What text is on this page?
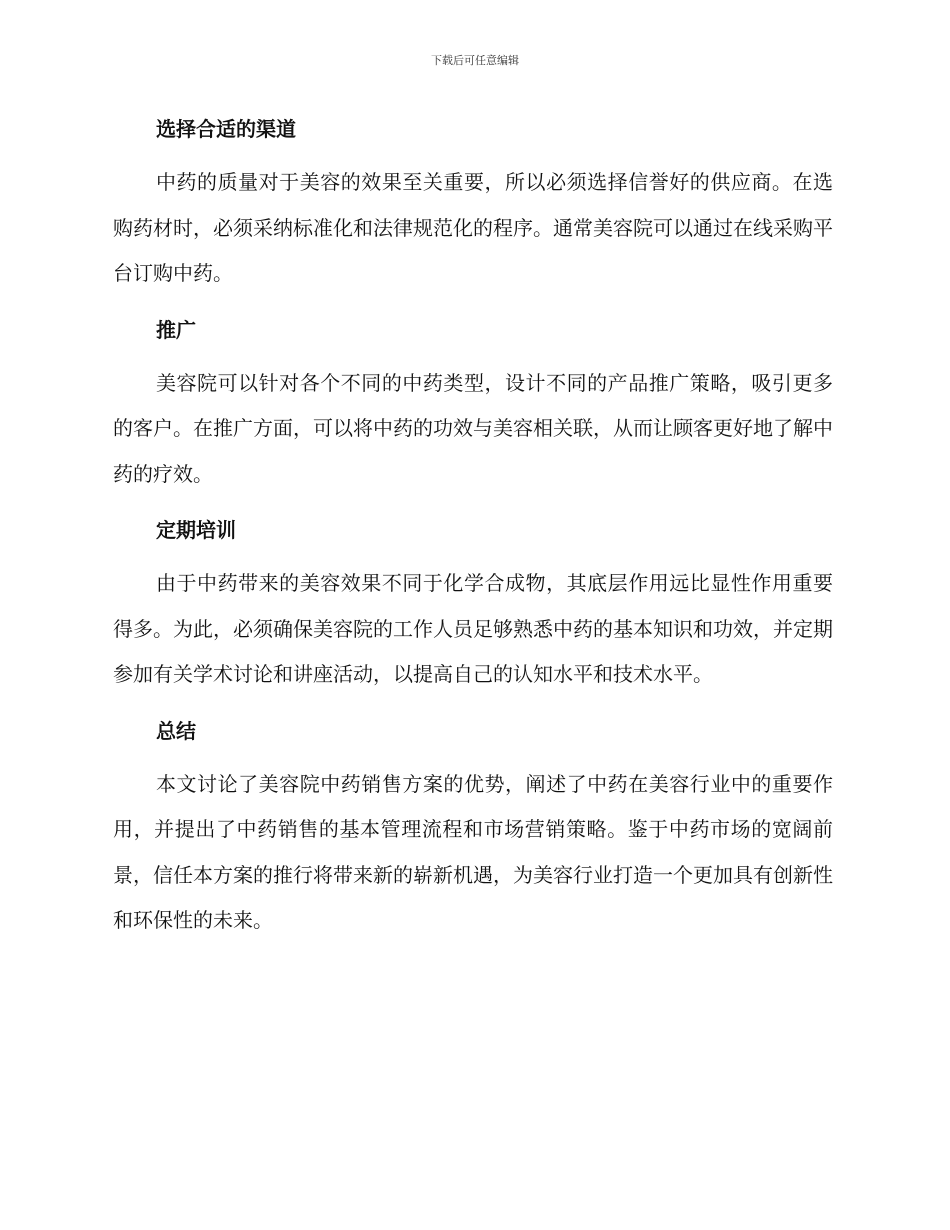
下载后可任意编辑
选择合适的渠道

中药的质量对于美容的效果至关重要，所以必须选择信誉好的供应商。在选购药材时，必须采纳标准化和法律规范化的程序。通常美容院可以通过在线采购平台订购中药。

推广

美容院可以针对各个不同的中药类型，设计不同的产品推广策略，吸引更多的客户。在推广方面，可以将中药的功效与美容相关联，从而让顾客更好地了解中药的疗效。

定期培训

由于中药带来的美容效果不同于化学合成物，其底层作用远比显性作用重要得多。为此，必须确保美容院的工作人员足够熟悉中药的基本知识和功效，并定期参加有关学术讨论和讲座活动，以提高自己的认知水平和技术水平。

总结

本文讨论了美容院中药销售方案的优势，阐述了中药在美容行业中的重要作用，并提出了中药销售的基本管理流程和市场营销策略。鉴于中药市场的宽阔前景，信任本方案的推行将带来新的崭新机遇，为美容行业打造一个更加具有创新性和环保性的未来。
